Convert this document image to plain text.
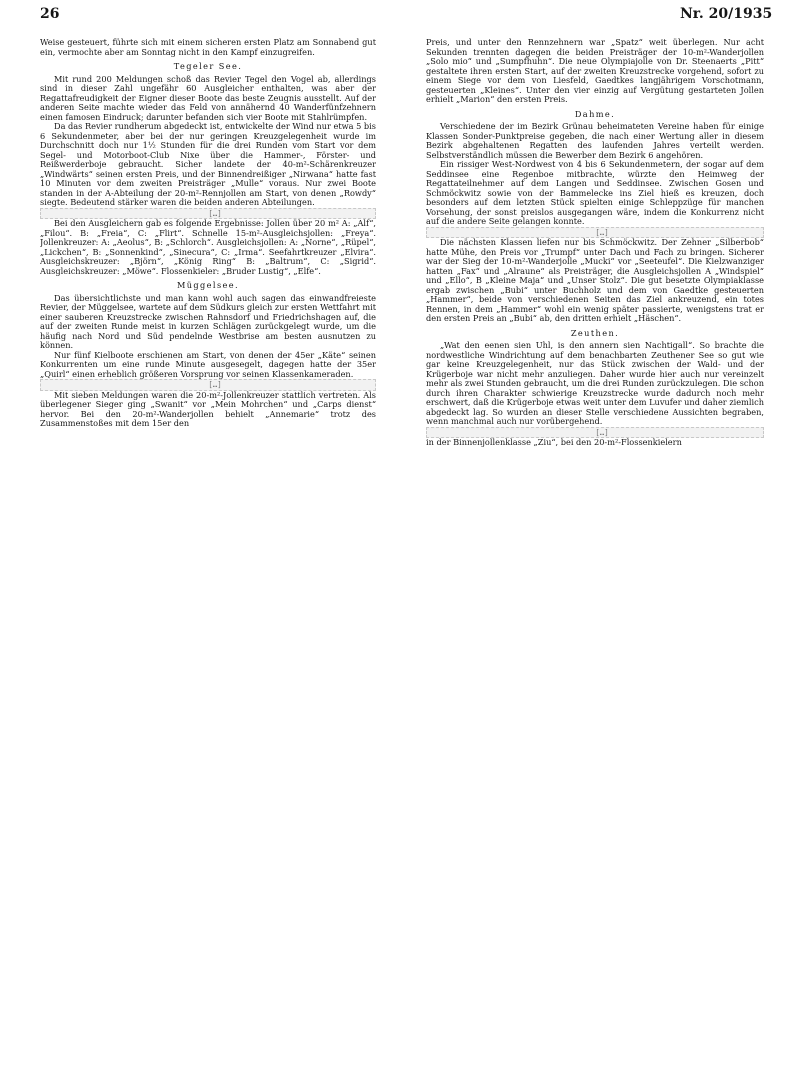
26	Nr. 20/1935

Weise gesteuert, führte sich mit einem sicheren ersten Platz am Sonnabend gut ein, vermochte aber am Sonntag nicht in den Kampf einzugreifen.

Tegeler See.

Mit rund 200 Meldungen schoß das Revier Tegel den Vogel ab, allerdings sind in dieser Zahl ungefähr 60 Ausgleicher enthalten, was aber der Regattafreudigkeit der Eigner dieser Boote das beste Zeugnis ausstellt. Auf der anderen Seite machte wieder das Feld von annähernd 40 Wanderfünfzehnern einen famosen Eindruck; darunter befanden sich vier Boote mit Stahlrümpfen.

Da das Revier rundherum abgedeckt ist, entwickelte der Wind nur etwa 5 bis 6 Sekundenmeter, aber bei der nur geringen Kreuzgelegenheit wurde im Durchschnitt doch nur 1½ Stunden für die drei Runden vom Start vor dem Segel- und Motorboot-Club Nixe über die Hammer-, Förster- und Reißwerderboje gebraucht. Sicher landete der 40-m²-Schärenkreuzer „Windwärts“ seinen ersten Preis, und der Binnendreißiger „Nirwana“ hatte fast 10 Minuten vor dem zweiten Preisträger „Mulle“ voraus. Nur zwei Boote standen in der A-Abteilung der 20-m²-Rennjollen am Start, von denen „Rowdy“ siegte. Bedeutend stärker waren die beiden anderen Abteilungen.

[…]

Bei den Ausgleichern gab es folgende Ergebnisse: Jollen über 20 m² A: „Alf“, „Filou“. B: „Freia“, C: „Flirt“. Schnelle 15-m²-Ausgleichsjollen: „Freya“. Jollenkreuzer: A: „Aeolus“, B: „Schlorch“. Ausgleichsjollen: A: „Norne“, „Rüpel“, „Lickchen“, B: „Sonnenkind“, „Sinecura“, C: „Irma“. Seefahrtkreuzer „Elvira“. Ausgleichskreuzer: „Björn“, „König Ring“ B: „Baltrum“, C: „Sigrid“. Ausgleichskreuzer: „Möwe“. Flossenkieler: „Bruder Lustig“, „Elfe“.

Müggelsee.

Das übersichtlichste und man kann wohl auch sagen das einwandfreieste Revier, der Müggelsee, wartete auf dem Südkurs gleich zur ersten Wettfahrt mit einer sauberen Kreuzstrecke zwischen Rahnsdorf und Friedrichshagen auf, die auf der zweiten Runde meist in kurzen Schlägen zurückgelegt wurde, um die häufig nach Nord und Süd pendelnde Westbrise am besten ausnutzen zu können.

Nur fünf Kielboote erschienen am Start, von denen der 45er „Käte“ seinen Konkurrenten um eine runde Minute ausgesegelt, dagegen hatte der 35er „Quirl“ einen erheblich größeren Vorsprung vor seinen Klassenkameraden.

[…]

Mit sieben Meldungen waren die 20-m²-Jollenkreuzer stattlich vertreten. Als überlegener Sieger ging „Swanit“ vor „Mein Mohrchen“ und „Carps dienst“ hervor. Bei den 20-m²-Wanderjollen behielt „Annemarie“ trotz des Zusammenstoßes mit dem 15er den

Preis, und unter den Rennzehnern war „Spatz“ weit überlegen. Nur acht Sekunden trennten dagegen die beiden Preisträger der 10-m²-Wanderjollen „Solo mio“ und „Sumpfhuhn“. Die neue Olympiajolle von Dr. Steenaerts „Pitt“ gestaltete ihren ersten Start, auf der zweiten Kreuzstrecke vorgehend, sofort zu einem Siege vor dem von Liesfeld, Gaedtkes langjährigem Vorschotmann, gesteuerten „Kleines“. Unter den vier einzig auf Vergütung gestarteten Jollen erhielt „Marion“ den ersten Preis.

Dahme.

Verschiedene der im Bezirk Grünau beheimateten Vereine haben für einige Klassen Sonder-Punktpreise gegeben, die nach einer Wertung aller in diesem Bezirk abgehaltenen Regatten des laufenden Jahres verteilt werden. Selbstverständlich müssen die Bewerber dem Bezirk 6 angehören.

Ein rissiger West-Nordwest von 4 bis 6 Sekundenmetern, der sogar auf dem Seddinsee eine Regenboe mitbrachte, würzte den Heimweg der Regattateilnehmer auf dem Langen und Seddinsee. Zwischen Gosen und Schmöckwitz sowie von der Bammelecke ins Ziel hieß es kreuzen, doch besonders auf dem letzten Stück spielten einige Schleppzüge für manchen Vorsehung, der sonst preislos ausgegangen wäre, indem die Konkurrenz nicht auf die andere Seite gelangen konnte.

[…]

Die nächsten Klassen liefen nur bis Schmöckwitz. Der Zehner „Silberbob“ hatte Mühe, den Preis vor „Trumpf“ unter Dach und Fach zu bringen. Sicherer war der Sieg der 10-m²-Wanderjolle „Mucki“ vor „Seeteufel“. Die Kielzwanziger hatten „Fax“ und „Alraune“ als Preisträger, die Ausgleichsjollen A „Windspiel“ und „Ello“, B „Kleine Maja“ und „Unser Stolz“. Die gut besetzte Olympiaklasse ergab zwischen „Bubi“ unter Buchholz und dem von Gaedtke gesteuerten „Hammer“, beide von verschiedenen Seiten das Ziel ankreuzend, ein totes Rennen, in dem „Hammer“ wohl ein wenig später passierte, wenigstens trat er den ersten Preis an „Bubi“ ab, den dritten erhielt „Häschen“.

Zeuthen.

„Wat den eenen sien Uhl, is den annern sien Nachtigall“. So brachte die nordwestliche Windrichtung auf dem benachbarten Zeuthener See so gut wie gar keine Kreuzgelegenheit, nur das Stück zwischen der Wald- und der Krügerboje war nicht mehr anzuliegen. Daher wurde hier auch nur vereinzelt mehr als zwei Stunden gebraucht, um die drei Runden zurückzulegen. Die schon durch ihren Charakter schwierige Kreuzstrecke wurde dadurch noch mehr erschwert, daß die Krügerboje etwas weit unter dem Luvufer und daher ziemlich abgedeckt lag. So wurden an dieser Stelle verschiedene Aussichten begraben, wenn manchmal auch nur vorübergehend.

[…]

in der Binnenjollenklasse „Ziu“, bei den 20-m²-Flossenkielern
